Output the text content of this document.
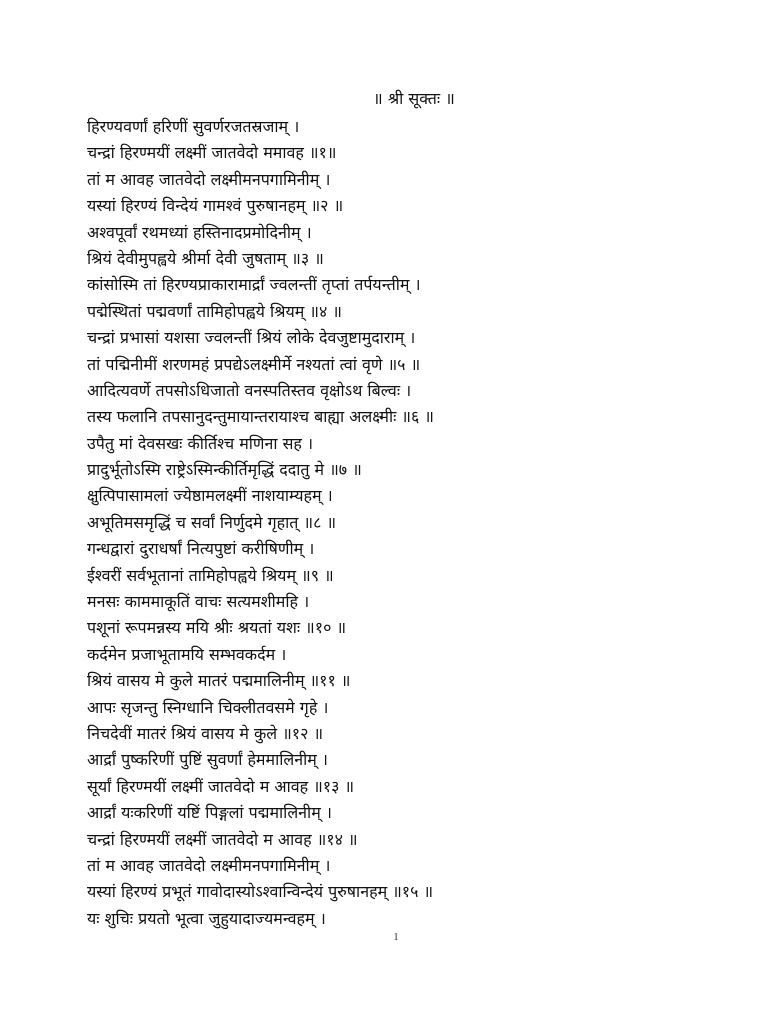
॥ श्री सूक्तः ॥
हिरण्यवर्णां हरिणीं सुवर्णरजतस्रजाम् ।
चन्द्रां हिरण्मयीं लक्ष्मीं जातवेदो ममावह ॥१॥
तां म आवह जातवेदो लक्ष्मीमनपगामिनीम् ।
यस्यां हिरण्यं विन्देयं गामश्वं पुरुषानहम् ॥२ ॥
अश्वपूर्वां रथमध्यां हस्तिनादप्रमोदिनीम् ।
श्रियं देवीमुपह्वये श्रीर्मा देवी जुषताम् ॥३ ॥
कांसोस्मि तां हिरण्यप्राकारामार्द्रां ज्वलन्तीं तृप्तां तर्पयन्तीम् ।
पद्मेस्थितां पद्मवर्णां तामिहोपह्वये श्रियम् ॥४ ॥
चन्द्रां प्रभासां यशसा ज्वलन्तीं श्रियं लोके देवजुष्टामुदाराम् ।
तां पद्मिनीमीं शरणमहं प्रपद्येऽलक्ष्मीर्मे नश्यतां त्वां वृणे ॥५ ॥
आदित्यवर्णे तपसोऽधिजातो वनस्पतिस्तव वृक्षोऽथ बिल्वः ।
तस्य फलानि तपसानुदन्तुमायान्तरायाश्च बाह्या अलक्ष्मीः ॥६ ॥
उपैतु मां देवसखः कीर्तिश्च मणिना सह ।
प्रादुर्भूतोऽस्मि राष्ट्रेऽस्मिन्कीर्तिमृद्धिं ददातु मे ॥७ ॥
क्षुत्पिपासामलां ज्येष्ठामलक्ष्मीं नाशयाम्यहम् ।
अभूतिमसमृद्धिं च सर्वां निर्णुदमे गृहात् ॥८ ॥
गन्धद्वारां दुराधर्षां नित्यपुष्टां करीषिणीम् ।
ईश्वरीं सर्वभूतानां तामिहोपह्वये श्रियम् ॥९ ॥
मनसः काममाकूतिं वाचः सत्यमशीमहि ।
पशूनां रूपमन्नस्य मयि श्रीः श्रयतां यशः ॥१० ॥
कर्दमेन प्रजाभूतामयि सम्भवकर्दम ।
श्रियं वासय मे कुले मातरं पद्ममालिनीम् ॥११ ॥
आपः सृजन्तु स्निग्धानि चिक्लीतवसमे गृहे ।
निचदेवीं मातरं श्रियं वासय मे कुले ॥१२ ॥
आर्द्रां पुष्करिणीं पुष्टिं सुवर्णां हेममालिनीम् ।
सूर्यां हिरण्मयीं लक्ष्मीं जातवेदो म आवह ॥१३ ॥
आर्द्रां यःकरिणीं यष्टिं पिङ्गलां पद्ममालिनीम् ।
चन्द्रां हिरण्मयीं लक्ष्मीं जातवेदो म आवह ॥१४ ॥
तां म आवह जातवेदो लक्ष्मीमनपगामिनीम् ।
यस्यां हिरण्यं प्रभूतं गावोदास्योऽश्वान्विन्देयं पुरुषानहम् ॥१५ ॥
यः शुचिः प्रयतो भूत्वा जुहुयादाज्यमन्वहम् ।
1
